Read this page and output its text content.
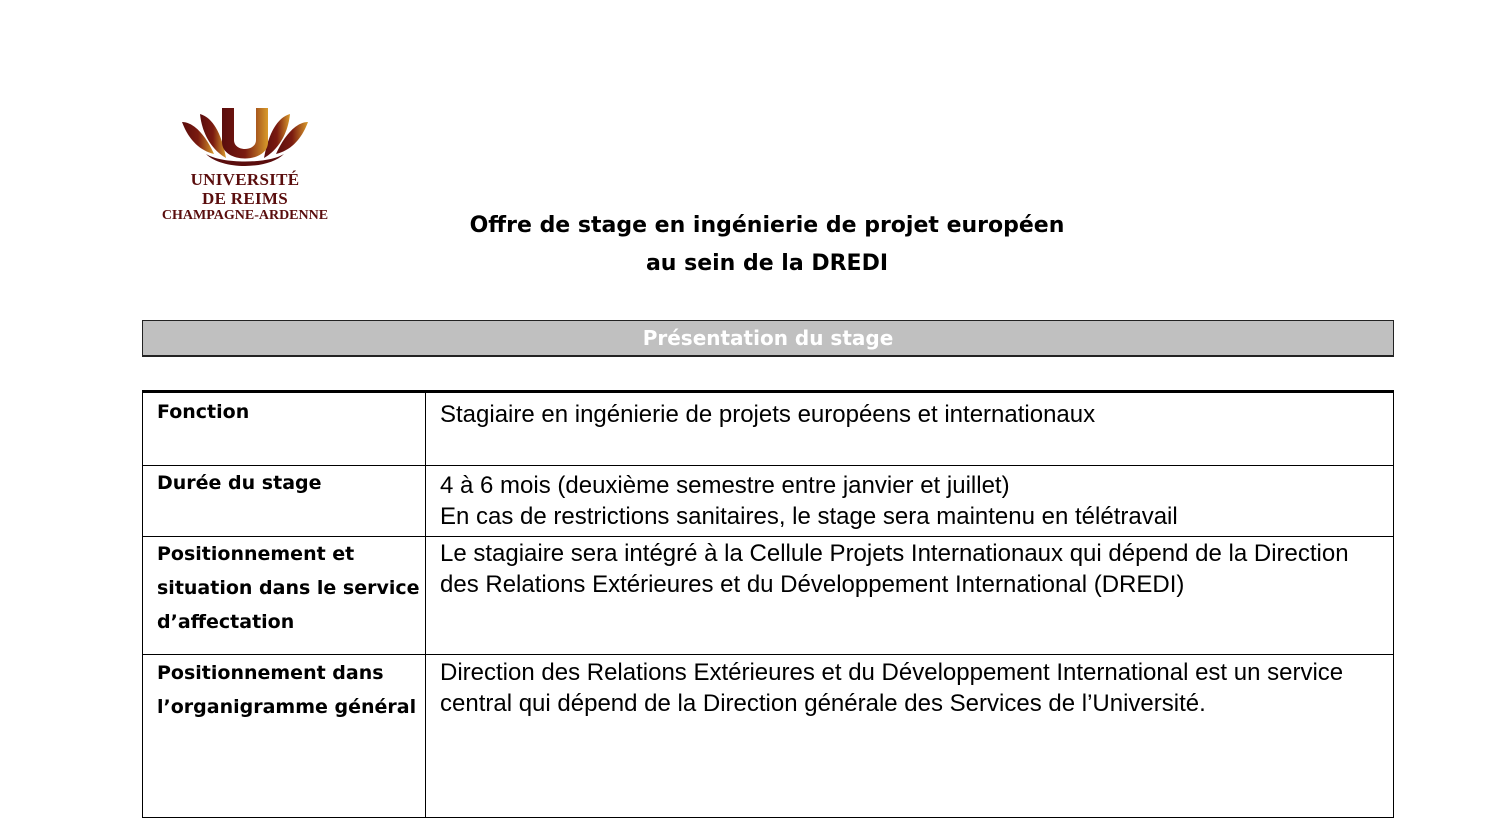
UNIVERSITÉ
DE REIMS
CHAMPAGNE-ARDENNE	Offre de stage en ingénierie de projet européen
au sein de la DREDI
Présentation du stage
Fonction	Stagiaire en ingénierie de projets européens et internationaux

Durée du stage	4 à 6 mois (deuxième semestre entre janvier et juillet)
En cas de restrictions sanitaires, le stage sera maintenu en télétravail

Positionnement et situation dans le service d’affectation	Le stagiaire sera intégré à la Cellule Projets Internationaux qui dépend de la Direction des Relations Extérieures et du Développement International (DREDI)
Positionnement dans l’organigramme général	Direction des Relations Extérieures et du Développement International est un service central qui dépend de la Direction générale des Services de l’Université.
